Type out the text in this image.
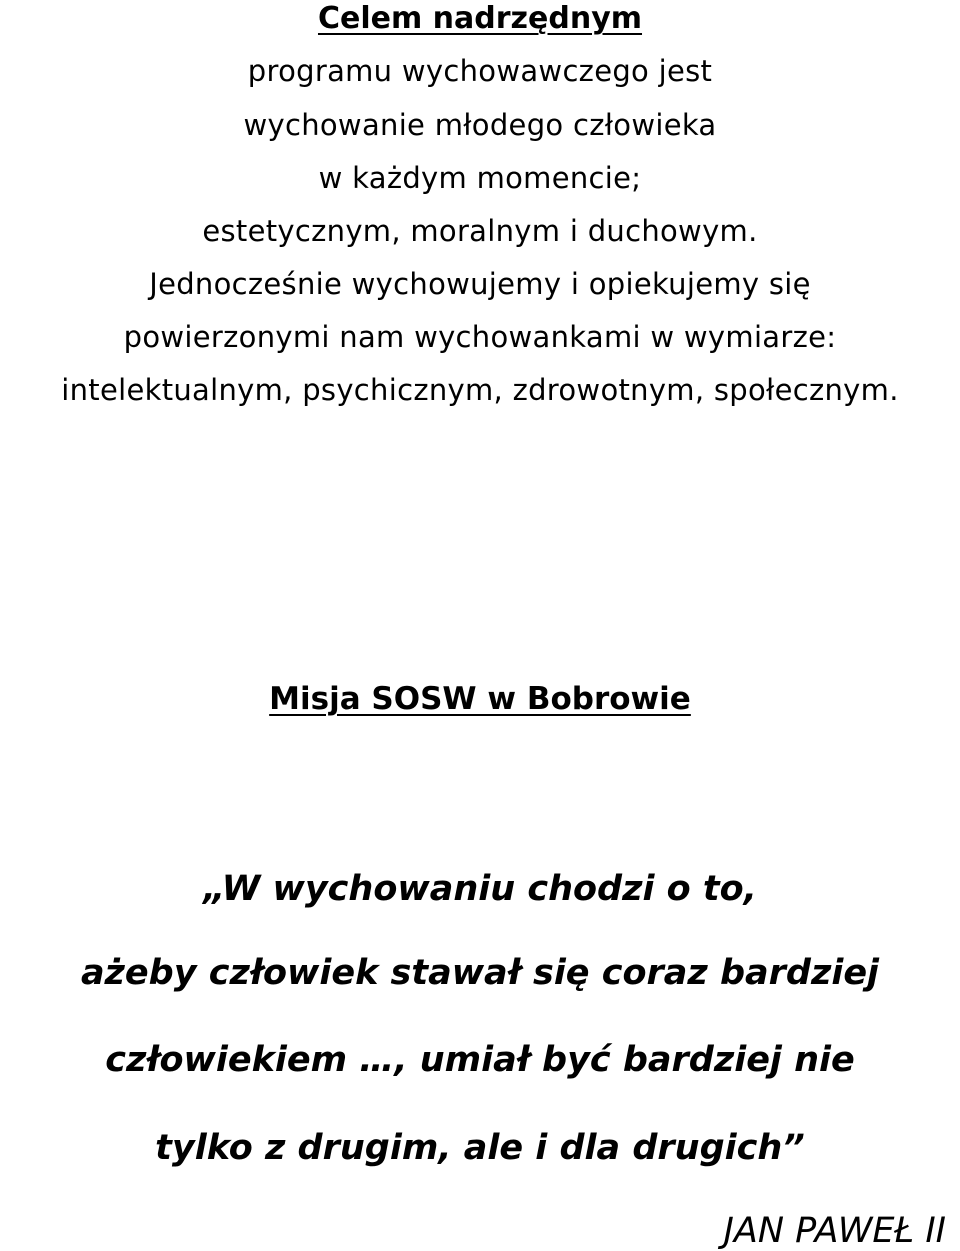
Celem nadrzędnym
programu wychowawczego jest
wychowanie młodego człowieka
w każdym momencie;
estetycznym, moralnym i duchowym.
Jednocześnie wychowujemy i opiekujemy się
powierzonymi nam wychowankami w wymiarze:
intelektualnym, psychicznym, zdrowotnym, społecznym.
Misja SOSW w Bobrowie
„W wychowaniu chodzi o to,
ażeby człowiek stawał się coraz bardziej
człowiekiem …, umiał być bardziej nie
tylko z drugim, ale i dla drugich”
JAN PAWEŁ II
